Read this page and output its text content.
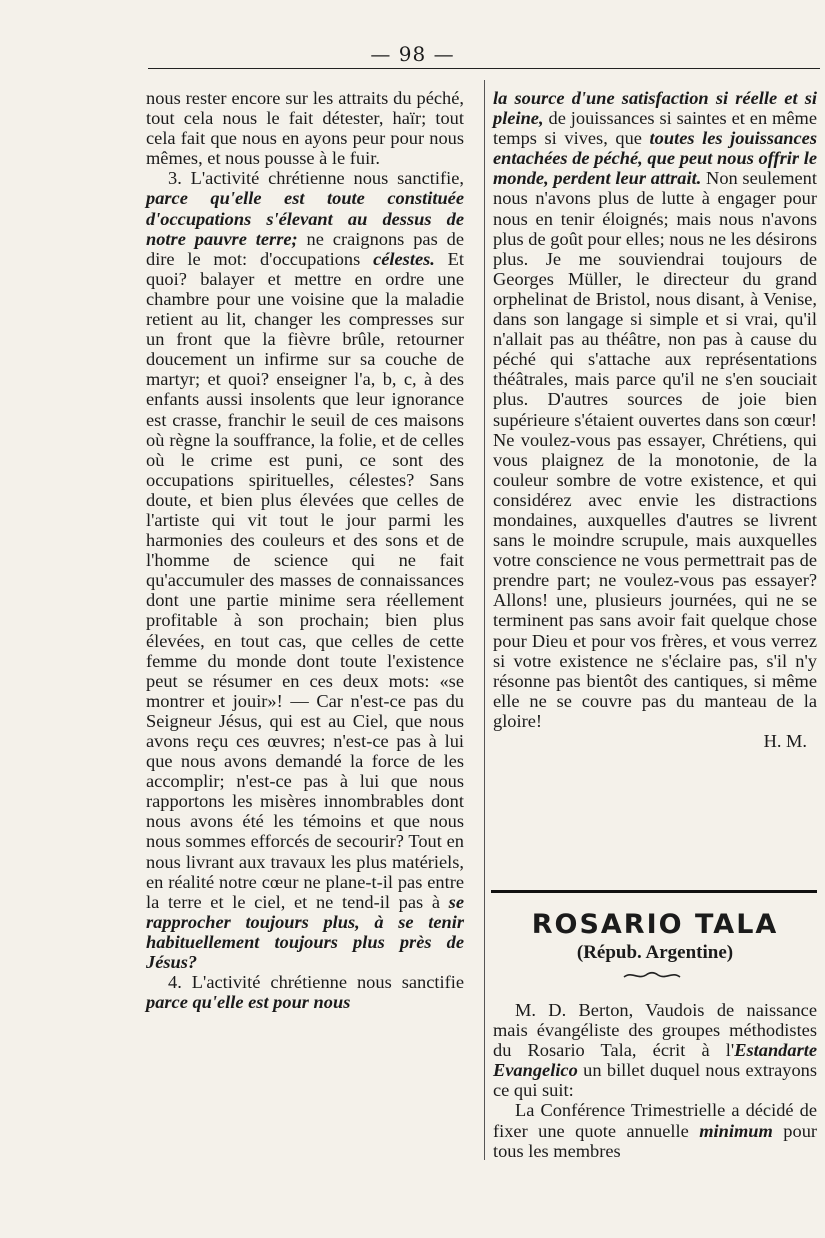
— 98 —

nous rester encore sur les attraits du péché, tout cela nous le fait détester, haïr; tout cela fait que nous en ayons peur pour nous mêmes, et nous pousse à le fuir.

3. L'activité chrétienne nous sanctifie, parce qu'elle est toute constituée d'occupations s'élevant au dessus de notre pauvre terre; ne craignons pas de dire le mot: d'occupations célestes. Et quoi? balayer et mettre en ordre une chambre pour une voisine que la maladie retient au lit, changer les compresses sur un front que la fièvre brûle, retourner doucement un infirme sur sa couche de martyr; et quoi? enseigner l'a, b, c, à des enfants aussi insolents que leur ignorance est crasse, franchir le seuil de ces maisons où règne la souffrance, la folie, et de celles où le crime est puni, ce sont des occupations spirituelles, célestes? Sans doute, et bien plus élevées que celles de l'artiste qui vit tout le jour parmi les harmonies des couleurs et des sons et de l'homme de science qui ne fait qu'accumuler des masses de connaissances dont une partie minime sera réellement profitable à son prochain; bien plus élevées, en tout cas, que celles de cette femme du monde dont toute l'existence peut se résumer en ces deux mots: «se montrer et jouir»! — Car n'est-ce pas du Seigneur Jésus, qui est au Ciel, que nous avons reçu ces œuvres; n'est-ce pas à lui que nous avons demandé la force de les accomplir; n'est-ce pas à lui que nous rapportons les misères innombrables dont nous avons été les témoins et que nous nous sommes efforcés de secourir? Tout en nous livrant aux travaux les plus matériels, en réalité notre cœur ne plane-t-il pas entre la terre et le ciel, et ne tend-il pas à se rapprocher toujours plus, à se tenir habituellement toujours plus près de Jésus?

4. L'activité chrétienne nous sanctifie parce qu'elle est pour nous

la source d'une satisfaction si réelle et si pleine, de jouissances si saintes et en même temps si vives, que toutes les jouissances entachées de péché, que peut nous offrir le monde, perdent leur attrait. Non seulement nous n'avons plus de lutte à engager pour nous en tenir éloignés; mais nous n'avons plus de goût pour elles; nous ne les désirons plus. Je me souviendrai toujours de Georges Müller, le directeur du grand orphelinat de Bristol, nous disant, à Venise, dans son langage si simple et si vrai, qu'il n'allait pas au théâtre, non pas à cause du péché qui s'attache aux représentations théâtrales, mais parce qu'il ne s'en souciait plus. D'autres sources de joie bien supérieure s'étaient ouvertes dans son cœur! Ne voulez-vous pas essayer, Chrétiens, qui vous plaignez de la monotonie, de la couleur sombre de votre existence, et qui considérez avec envie les distractions mondaines, auxquelles d'autres se livrent sans le moindre scrupule, mais auxquelles votre conscience ne vous permettrait pas de prendre part; ne voulez-vous pas essayer? Allons! une, plusieurs journées, qui ne se terminent pas sans avoir fait quelque chose pour Dieu et pour vos frères, et vous verrez si votre existence ne s'éclaire pas, s'il n'y résonne pas bientôt des cantiques, si même elle ne se couvre pas du manteau de la gloire!

H. M.

ROSARIO TALA
(Répub. Argentine)

M. D. Berton, Vaudois de naissance mais évangéliste des groupes méthodistes du Rosario Tala, écrit à l'Estandarte Evangelico un billet duquel nous extrayons ce qui suit:

La Conférence Trimestrielle a décidé de fixer une quote annuelle minimum pour tous les membres
